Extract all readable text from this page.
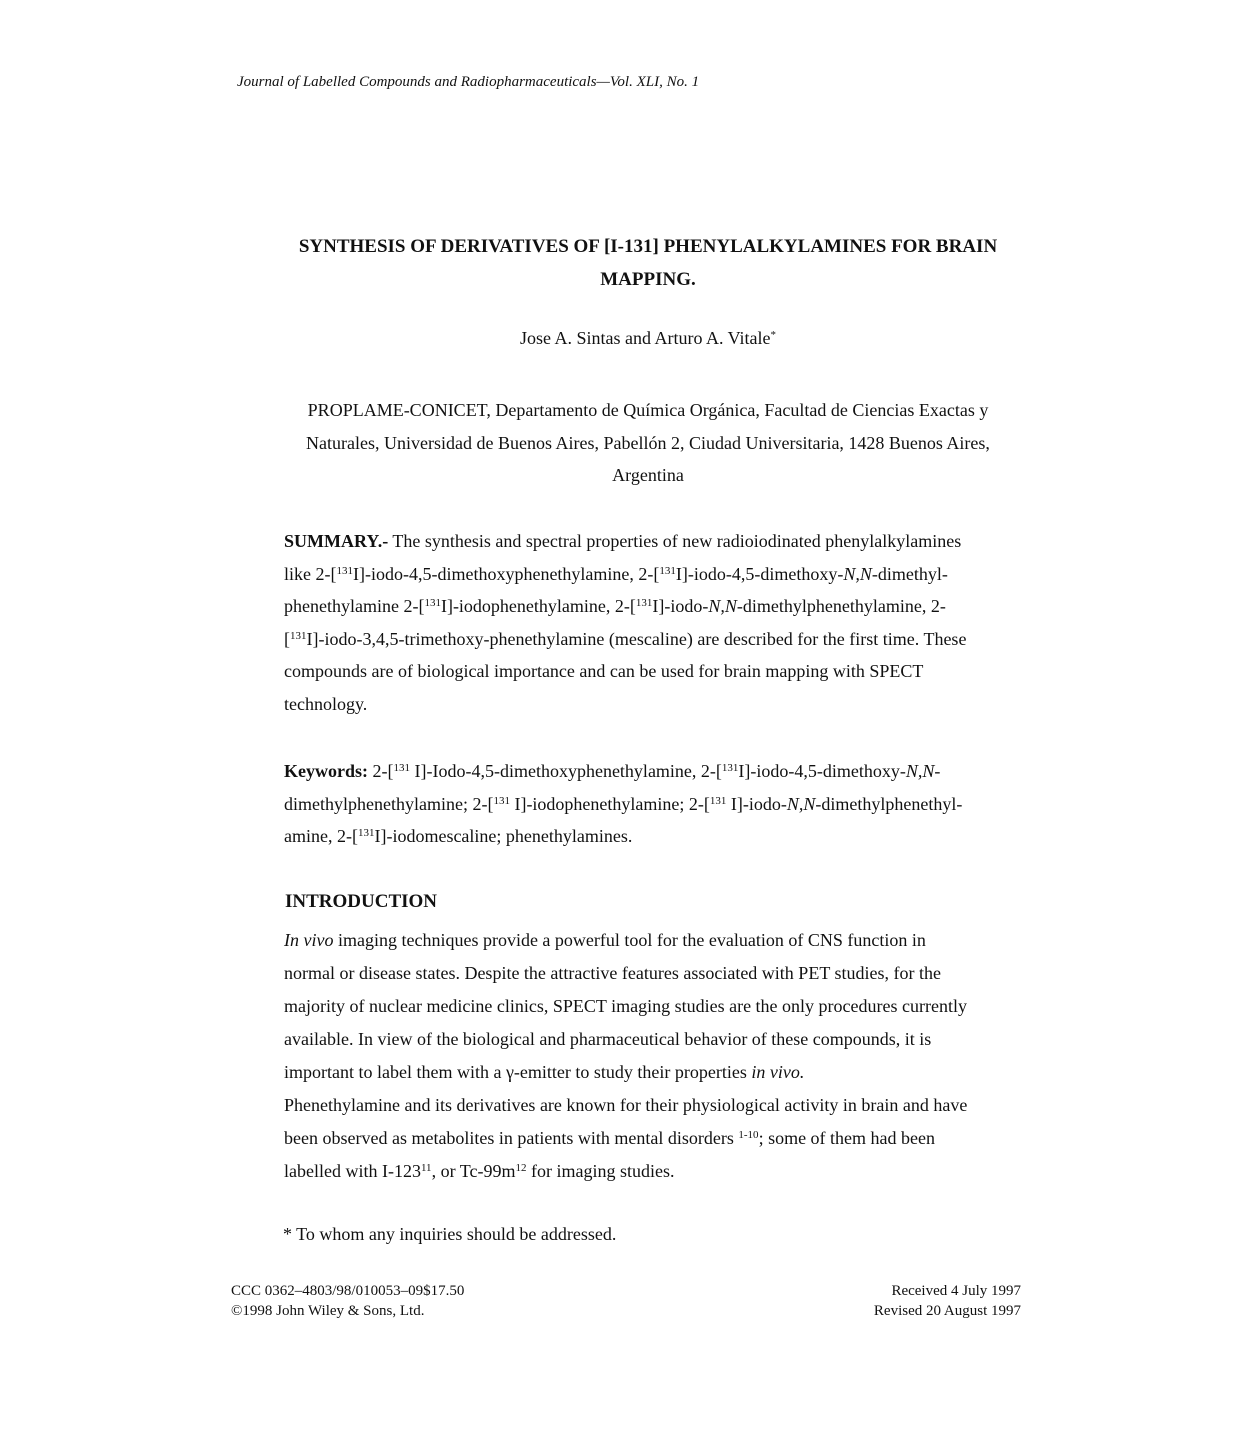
Journal of Labelled Compounds and Radiopharmaceuticals—Vol. XLI, No. 1
SYNTHESIS OF DERIVATIVES OF [I-131] PHENYLALKYLAMINES FOR BRAIN
MAPPING.
Jose A. Sintas and Arturo A. Vitale*
PROPLAME-CONICET, Departamento de Química Orgánica, Facultad de Ciencias Exactas y
Naturales, Universidad de Buenos Aires, Pabellón 2, Ciudad Universitaria, 1428 Buenos Aires,
Argentina
SUMMARY.- The synthesis and spectral properties of new radioiodinated phenylalkylamines
like 2-[$^{131}$I]-iodo-4,5-dimethoxyphenethylamine, 2-[$^{131}$I]-iodo-4,5-dimethoxy-N,N-dimethyl-
phenethylamine 2-[$^{131}$I]-iodophenethylamine, 2-[$^{131}$I]-iodo-N,N-dimethylphenethylamine, 2-
[$^{131}$I]-iodo-3,4,5-trimethoxy-phenethylamine (mescaline) are described for the first time. These
compounds are of biological importance and can be used for brain mapping with SPECT
technology.
Keywords: 2-[$^{131}$ I]-Iodo-4,5-dimethoxyphenethylamine, 2-[$^{131}$I]-iodo-4,5-dimethoxy-N,N-
dimethylphenethylamine; 2-[$^{131}$ I]-iodophenethylamine; 2-[$^{131}$ I]-iodo-N,N-dimethylphenethyl-
amine, 2-[$^{131}$I]-iodomescaline; phenethylamines.
INTRODUCTION
In vivo imaging techniques provide a powerful tool for the evaluation of CNS function in
normal or disease states. Despite the attractive features associated with PET studies, for the
majority of nuclear medicine clinics, SPECT imaging studies are the only procedures currently
available. In view of the biological and pharmaceutical behavior of these compounds, it is
important to label them with a γ-emitter to study their properties in vivo.
Phenethylamine and its derivatives are known for their physiological activity in brain and have
been observed as metabolites in patients with mental disorders $^{1-10}$; some of them had been
labelled with $I-123^{11}$, or $Tc-99m^{12}$ for imaging studies.
* To whom any inquiries should be addressed.
CCC 0362–4803/98/010053–09$17.50
©1998 John Wiley & Sons, Ltd.
Received 4 July 1997
Revised 20 August 1997
